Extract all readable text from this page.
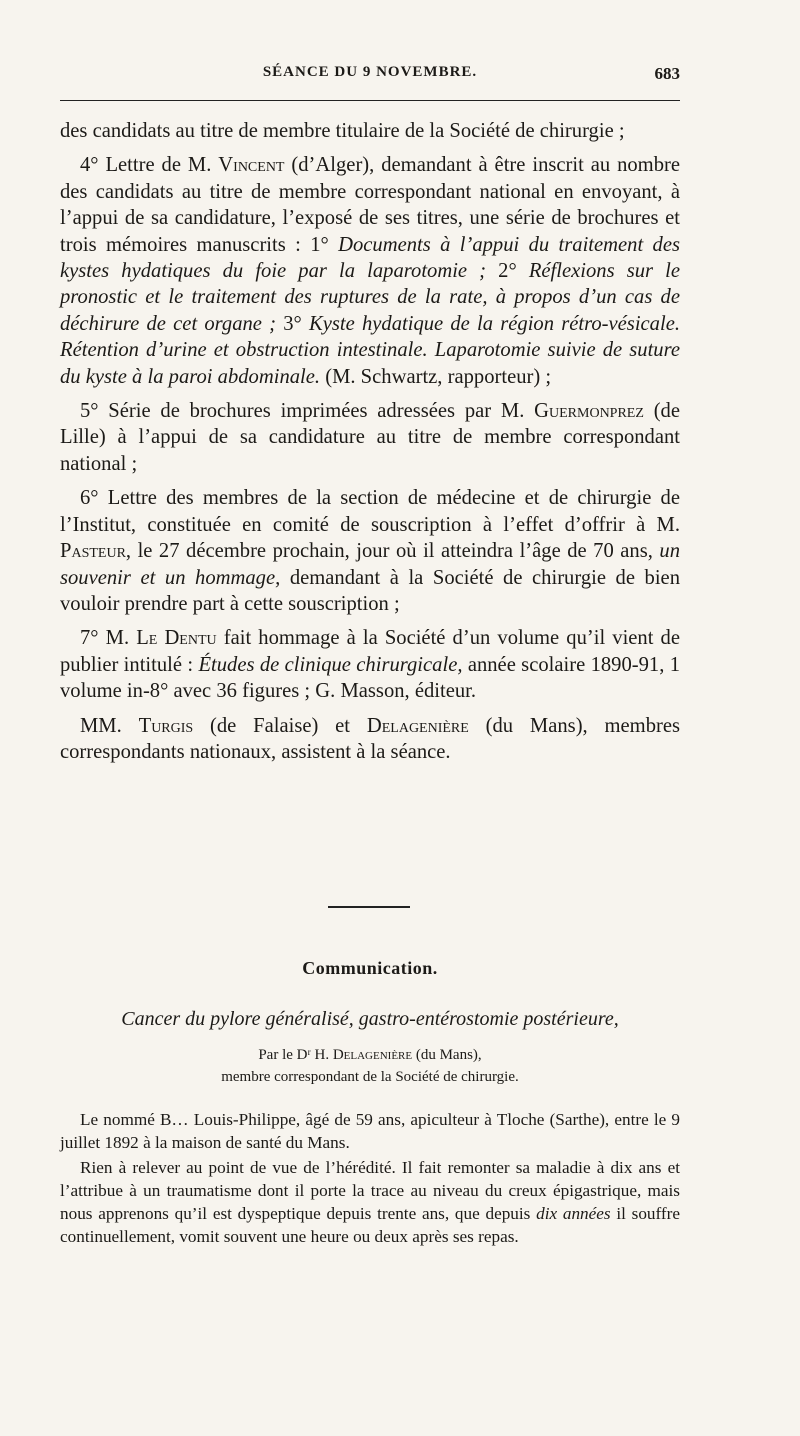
SÉANCE DU 9 NOVEMBRE.	683

des candidats au titre de membre titulaire de la Société de chirurgie ;

4° Lettre de M. Vincent (d’Alger), demandant à être inscrit au nombre des candidats au titre de membre correspondant national en envoyant, à l’appui de sa candidature, l’exposé de ses titres, une série de brochures et trois mémoires manuscrits : 1° Documents à l’appui du traitement des kystes hydatiques du foie par la laparotomie ; 2° Réflexions sur le pronostic et le traitement des ruptures de la rate, à propos d’un cas de déchirure de cet organe ; 3° Kyste hydatique de la région rétro-vésicale. Rétention d’urine et obstruction intestinale. Laparotomie suivie de suture du kyste à la paroi abdominale. (M. Schwartz, rapporteur) ;

5° Série de brochures imprimées adressées par M. Guermonprez (de Lille) à l’appui de sa candidature au titre de membre correspondant national ;

6° Lettre des membres de la section de médecine et de chirurgie de l’Institut, constituée en comité de souscription à l’effet d’offrir à M. Pasteur, le 27 décembre prochain, jour où il atteindra l’âge de 70 ans, un souvenir et un hommage, demandant à la Société de chirurgie de bien vouloir prendre part à cette souscription ;

7° M. Le Dentu fait hommage à la Société d’un volume qu’il vient de publier intitulé : Études de clinique chirurgicale, année scolaire 1890-91, 1 volume in-8° avec 36 figures ; G. Masson, éditeur.

MM. Turgis (de Falaise) et Delagenière (du Mans), membres correspondants nationaux, assistent à la séance.

Communication.
Cancer du pylore généralisé, gastro-entérostomie postérieure,
Par le Dʳ H. Delagenière (du Mans),
membre correspondant de la Société de chirurgie.

Le nommé B… Louis-Philippe, âgé de 59 ans, apiculteur à Tloche (Sarthe), entre le 9 juillet 1892 à la maison de santé du Mans.

Rien à relever au point de vue de l’hérédité. Il fait remonter sa maladie à dix ans et l’attribue à un traumatisme dont il porte la trace au niveau du creux épigastrique, mais nous apprenons qu’il est dyspeptique depuis trente ans, que depuis dix années il souffre continuellement, vomit souvent une heure ou deux après ses repas.
